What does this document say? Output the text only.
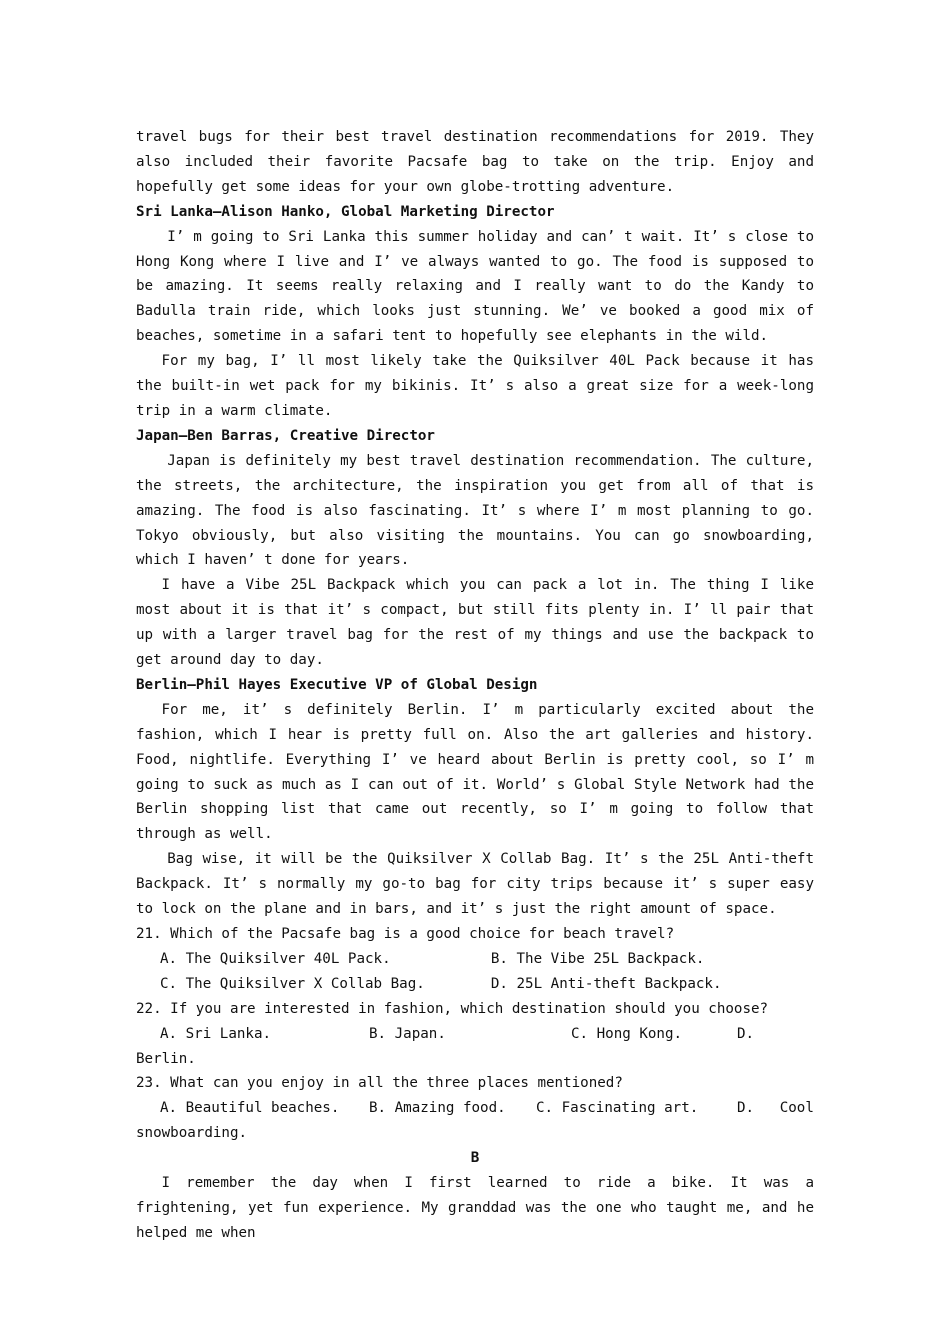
travel bugs for their best travel destination recommendations for 2019. They also included their favorite Pacsafe bag to take on the trip. Enjoy and hopefully get some ideas for your own globe-trotting adventure.

Sri Lanka—Alison Hanko, Global Marketing Director

I’ m going to Sri Lanka this summer holiday and can’ t wait. It’ s close to Hong Kong where I live and I’ ve always wanted to go. The food is supposed to be amazing. It seems really relaxing and I really want to do the Kandy to Badulla train ride, which looks just stunning. We’ ve booked a good mix of beaches, sometime in a safari tent to hopefully see elephants in the wild.

For my bag, I’ ll most likely take the Quiksilver 40L Pack because it has the built-in wet pack for my bikinis. It’ s also a great size for a week-long trip in a warm climate.

Japan—Ben Barras, Creative Director

Japan is definitely my best travel destination recommendation. The culture, the streets, the architecture, the inspiration you get from all of that is amazing. The food is also fascinating. It’ s where I’ m most planning to go. Tokyo obviously, but also visiting the mountains. You can go snowboarding, which I haven’ t done for years.

I have a Vibe 25L Backpack which you can pack a lot in. The thing I like most about it is that it’ s compact, but still fits plenty in. I’ ll pair that up with a larger travel bag for the rest of my things and use the backpack to get around day to day.

Berlin—Phil Hayes Executive VP of Global Design

For me, it’ s definitely Berlin. I’ m particularly excited about the fashion, which I hear is pretty full on. Also the art galleries and history. Food, nightlife. Everything I’ ve heard about Berlin is pretty cool, so I’ m going to suck as much as I can out of it. World’ s Global Style Network had the Berlin shopping list that came out recently, so I’ m going to follow that through as well.

Bag wise, it will be the Quiksilver X Collab Bag. It’ s the 25L Anti-theft Backpack. It’ s normally my go-to bag for city trips because it’ s super easy to lock on the plane and in bars, and it’ s just the right amount of space.

21. Which of the Pacsafe bag is a good choice for beach travel?

A. The Quiksilver 40L Pack.	B. The Vibe 25L Backpack.
C. The Quiksilver X Collab Bag.	D. 25L Anti-theft Backpack.

22. If you are interested in fashion, which destination should you choose?

A. Sri Lanka.	B. Japan.	C. Hong Kong.	D.

Berlin.

23. What can you enjoy in all the three places mentioned?

A. Beautiful beaches.	B. Amazing food.	C. Fascinating art.	D.   Cool

snowboarding.

B

I remember the day when I first learned to ride a bike. It was a frightening, yet fun experience. My granddad was the one who taught me, and he helped me when
